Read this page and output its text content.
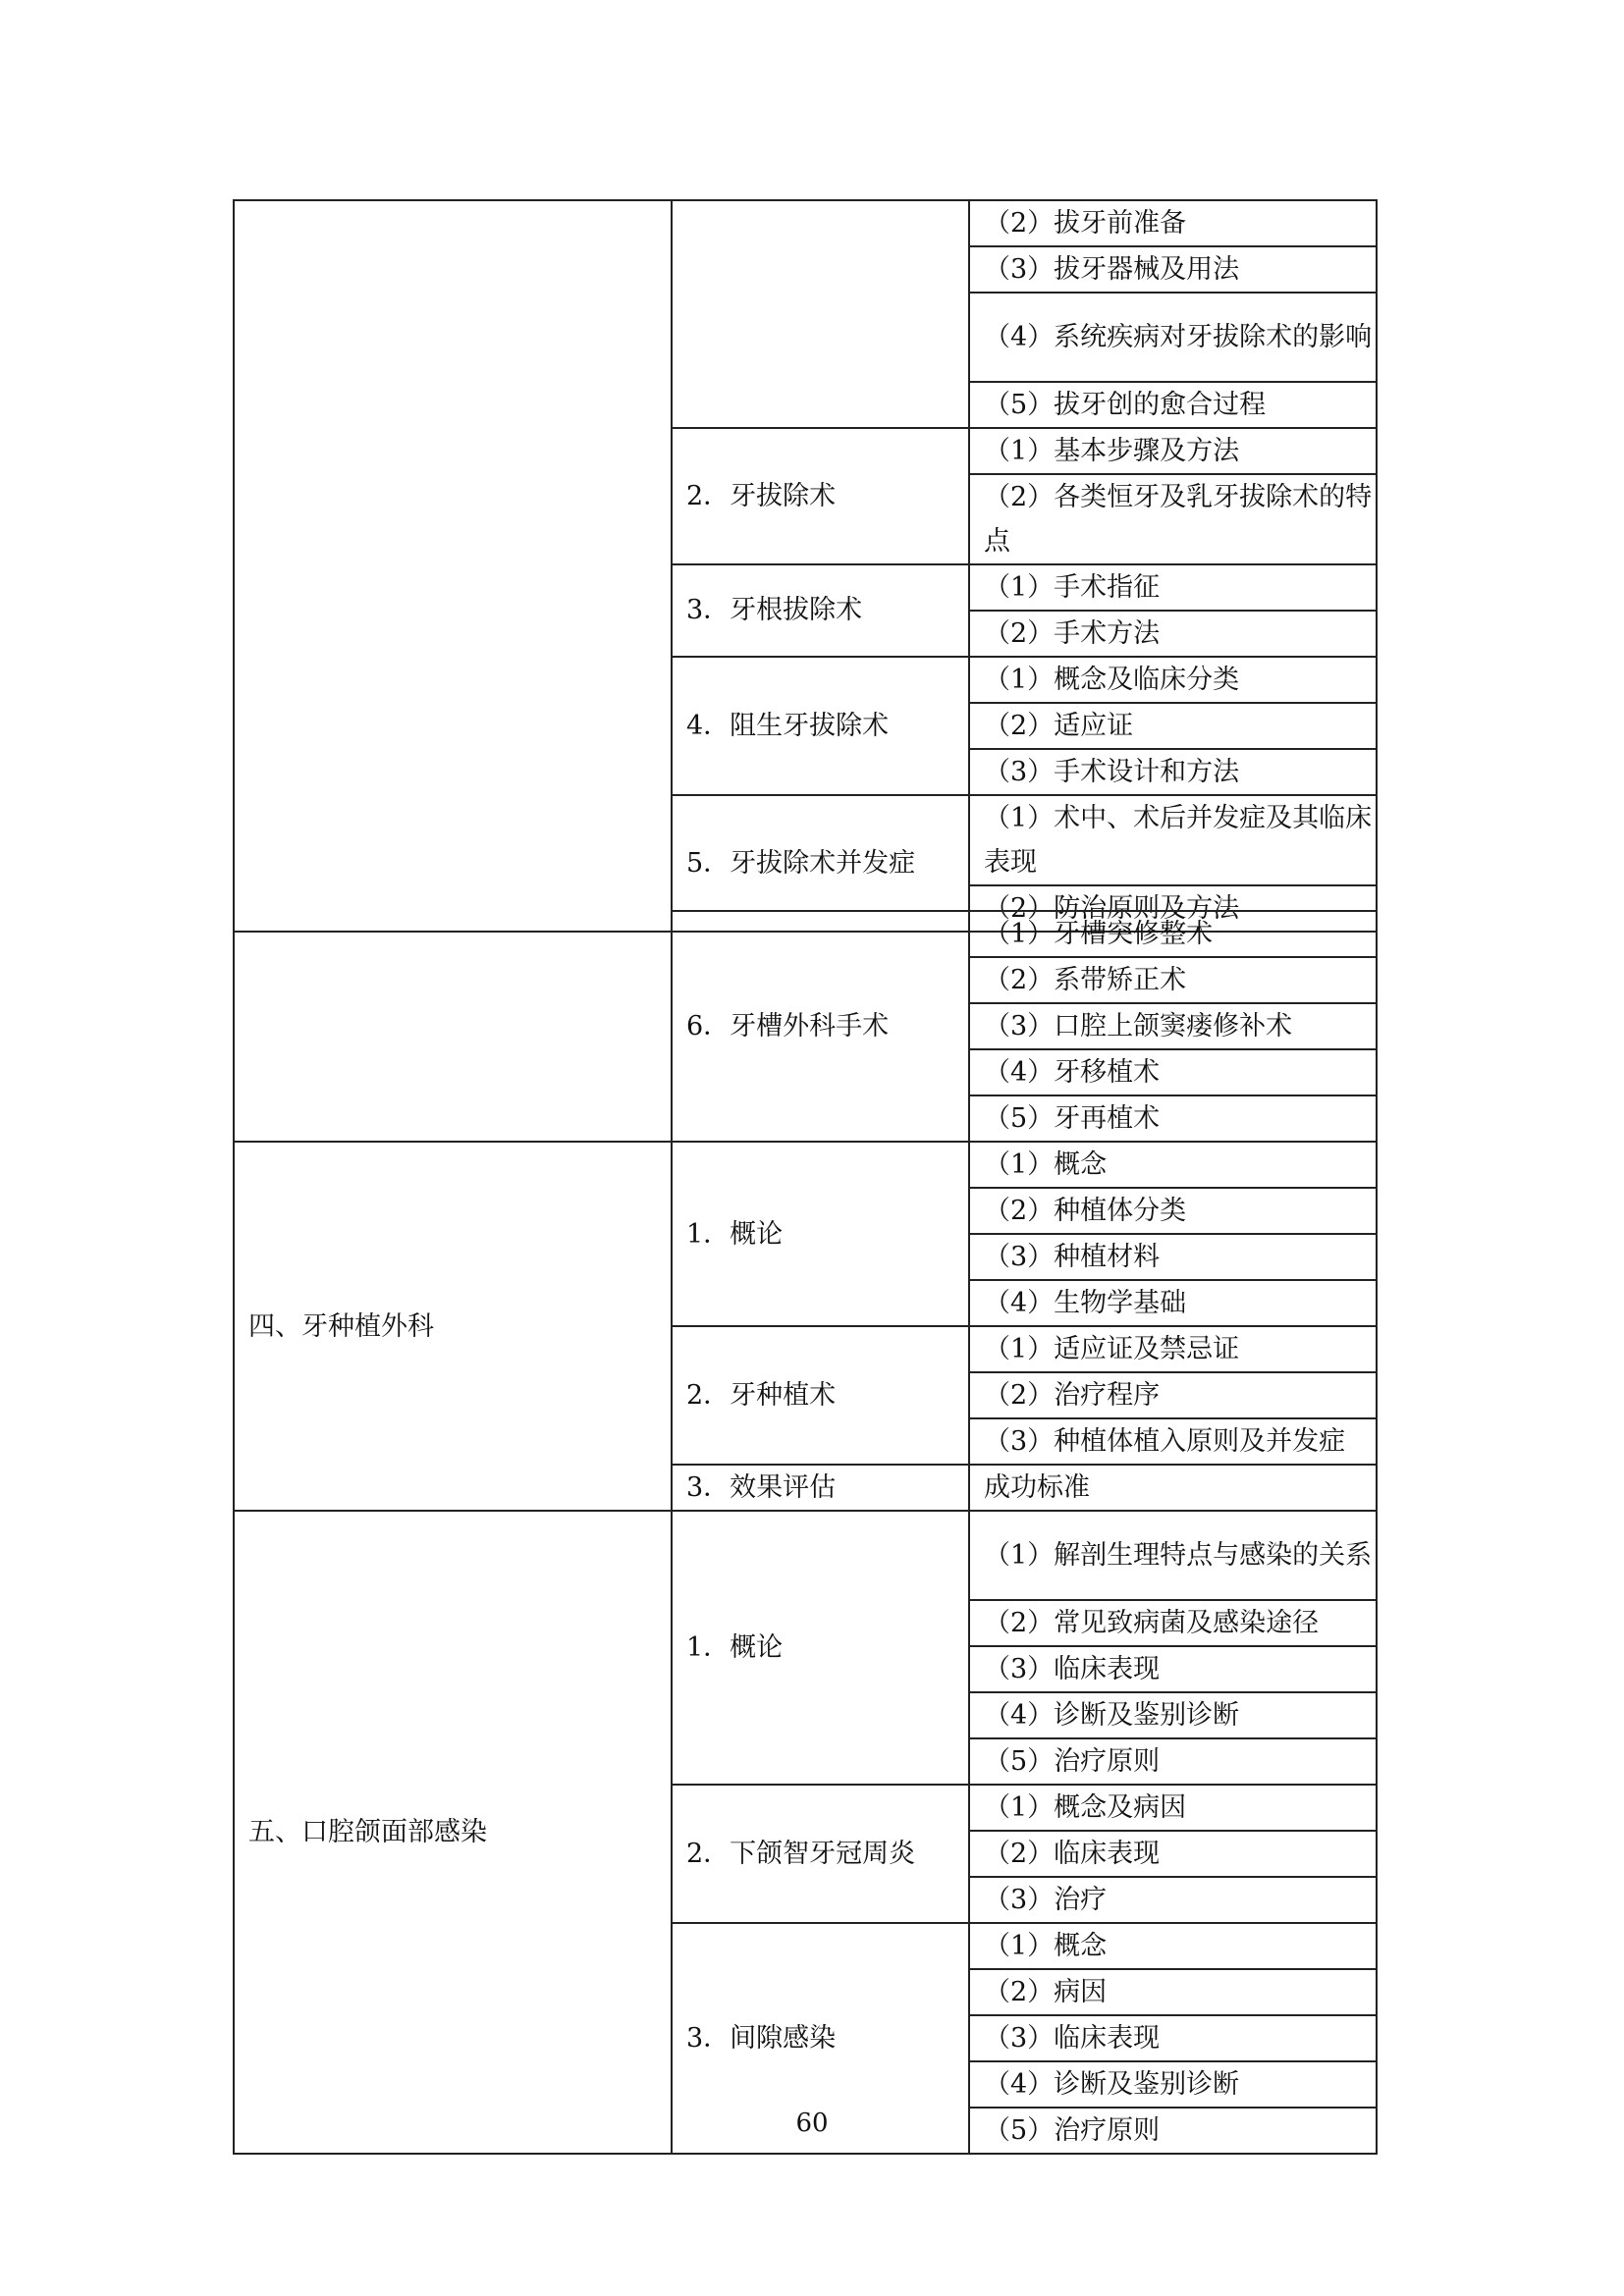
		（2）拔牙前准备
		（3）拔牙器械及用法
		（4）系统疾病对牙拔除术的影响

		（5）拔牙创的愈合过程
	2．牙拔除术	（1）基本步骤及方法
		（2）各类恒牙及乳牙拔除术的特点

	3．牙根拔除术	（1）手术指征
		（2）手术方法
	4．阻生牙拔除术	（1）概念及临床分类
		（2）适应证
		（3）手术设计和方法
	5．牙拔除术并发症	（1）术中、术后并发症及其临床表现

		（2）防治原则及方法
	6．牙槽外科手术	（1）牙槽突修整术
		（2）系带矫正术
		（3）口腔上颌窦瘘修补术
		（4）牙移植术
		（5）牙再植术
四、牙种植外科	1．概论	（1）概念
		（2）种植体分类
		（3）种植材料
		（4）生物学基础
	2．牙种植术	（1）适应证及禁忌证
		（2）治疗程序
		（3）种植体植入原则及并发症
	3．效果评估	成功标准
五、口腔颌面部感染	1．概论	（1）解剖生理特点与感染的关系

		（2）常见致病菌及感染途径
		（3）临床表现
		（4）诊断及鉴别诊断
		（5）治疗原则
	2．下颌智牙冠周炎	（1）概念及病因
		（2）临床表现
		（3）治疗
	3．间隙感染	（1）概念
		（2）病因
		（3）临床表现
		（4）诊断及鉴别诊断
		（5）治疗原则
60
